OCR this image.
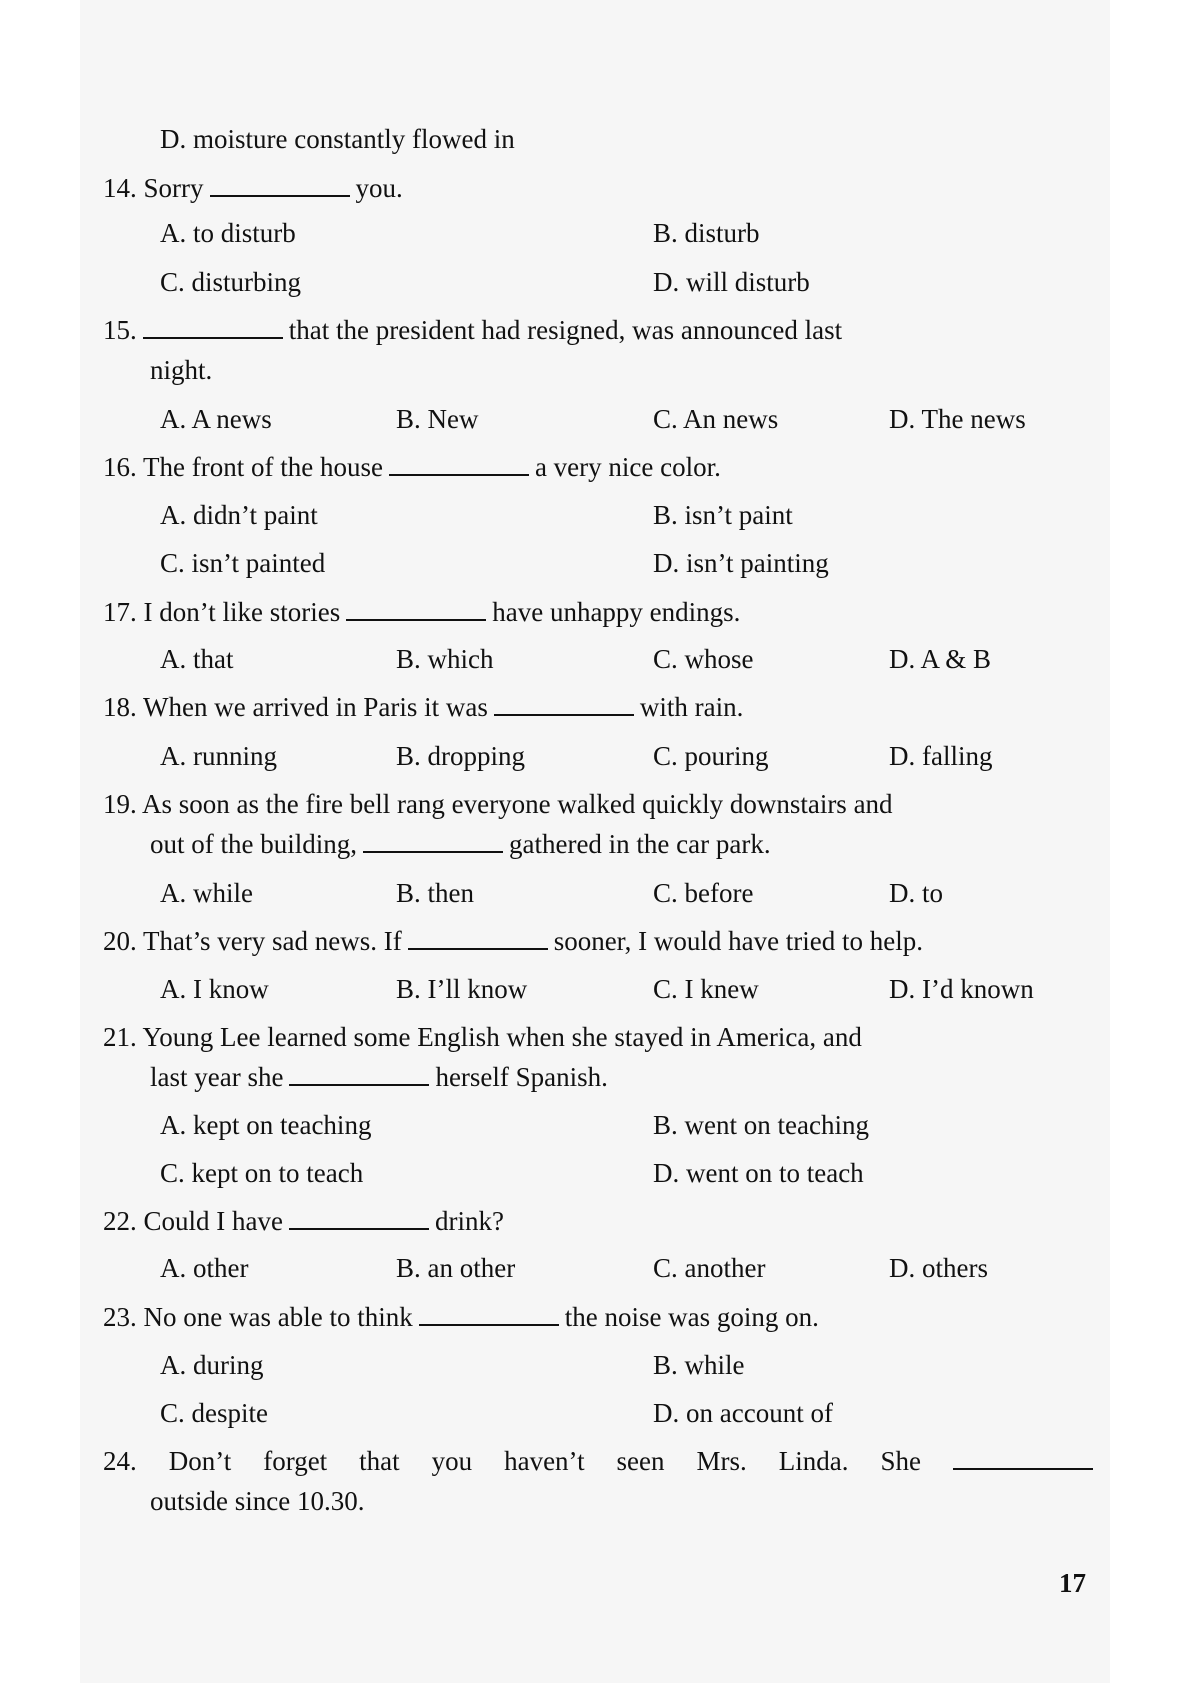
D. moisture constantly flowed in
14. Sorry	you.
A. to disturb	B. disturb
C. disturbing	D. will disturb
15.	that the president had resigned, was announced last
night.
A. A news	B. New	C. An news	D. The news
16. The front of the house	a very nice color.
A. didn’t paint	B. isn’t paint
C. isn’t painted	D. isn’t painting
17. I don’t like stories	have unhappy endings.
A. that	B. which	C. whose	D. A & B
18. When we arrived in Paris it was	with rain.
A. running	B. dropping	C. pouring	D. falling
19. As soon as the fire bell rang everyone walked quickly downstairs and
out of the building,	gathered in the car park.
A. while	B. then	C. before	D. to
20. That’s very sad news. If	sooner, I would have tried to help.
A. I know	B. I’ll know	C. I knew	D. I’d known
21. Young Lee learned some English when she stayed in America, and
last year she	herself Spanish.
A. kept on teaching	B. went on teaching
C. kept on to teach	D. went on to teach
22. Could I have	drink?
A. other	B. an other	C. another	D. others
23. No one was able to think	the noise was going on.
A. during	B. while
C. despite	D. on account of
24. Don’t forget that you haven’t seen Mrs. Linda. She
outside since 10.30.
17
